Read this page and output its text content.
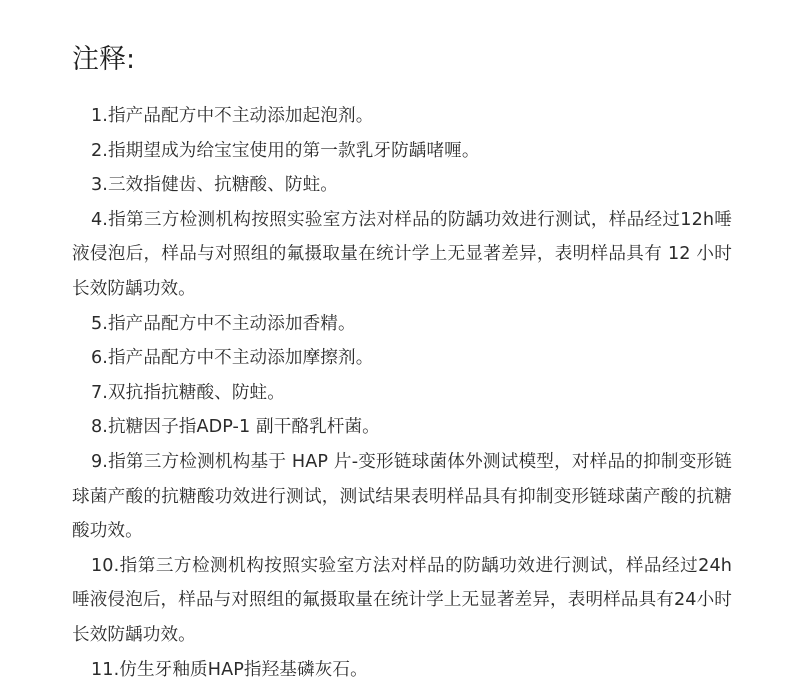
注释:
1.指产品配方中不主动添加起泡剂。
2.指期望成为给宝宝使用的第一款乳牙防龋啫喱。
3.三效指健齿、抗糖酸、防蛀。
4.指第三方检测机构按照实验室方法对样品的防龋功效进行测试，样品经过12h唾液侵泡后，样品与对照组的氟摄取量在统计学上无显著差异，表明样品具有 12 小时长效防龋功效。
5.指产品配方中不主动添加香精。
6.指产品配方中不主动添加摩擦剂。
7.双抗指抗糖酸、防蛀。
8.抗糖因子指ADP-1 副干酪乳杆菌。
9.指第三方检测机构基于 HAP 片-变形链球菌体外测试模型，对样品的抑制变形链球菌产酸的抗糖酸功效进行测试，测试结果表明样品具有抑制变形链球菌产酸的抗糖酸功效。
10.指第三方检测机构按照实验室方法对样品的防龋功效进行测试，样品经过24h唾液侵泡后，样品与对照组的氟摄取量在统计学上无显著差异，表明样品具有24小时长效防龋功效。
11.仿生牙釉质HAP指羟基磷灰石。
